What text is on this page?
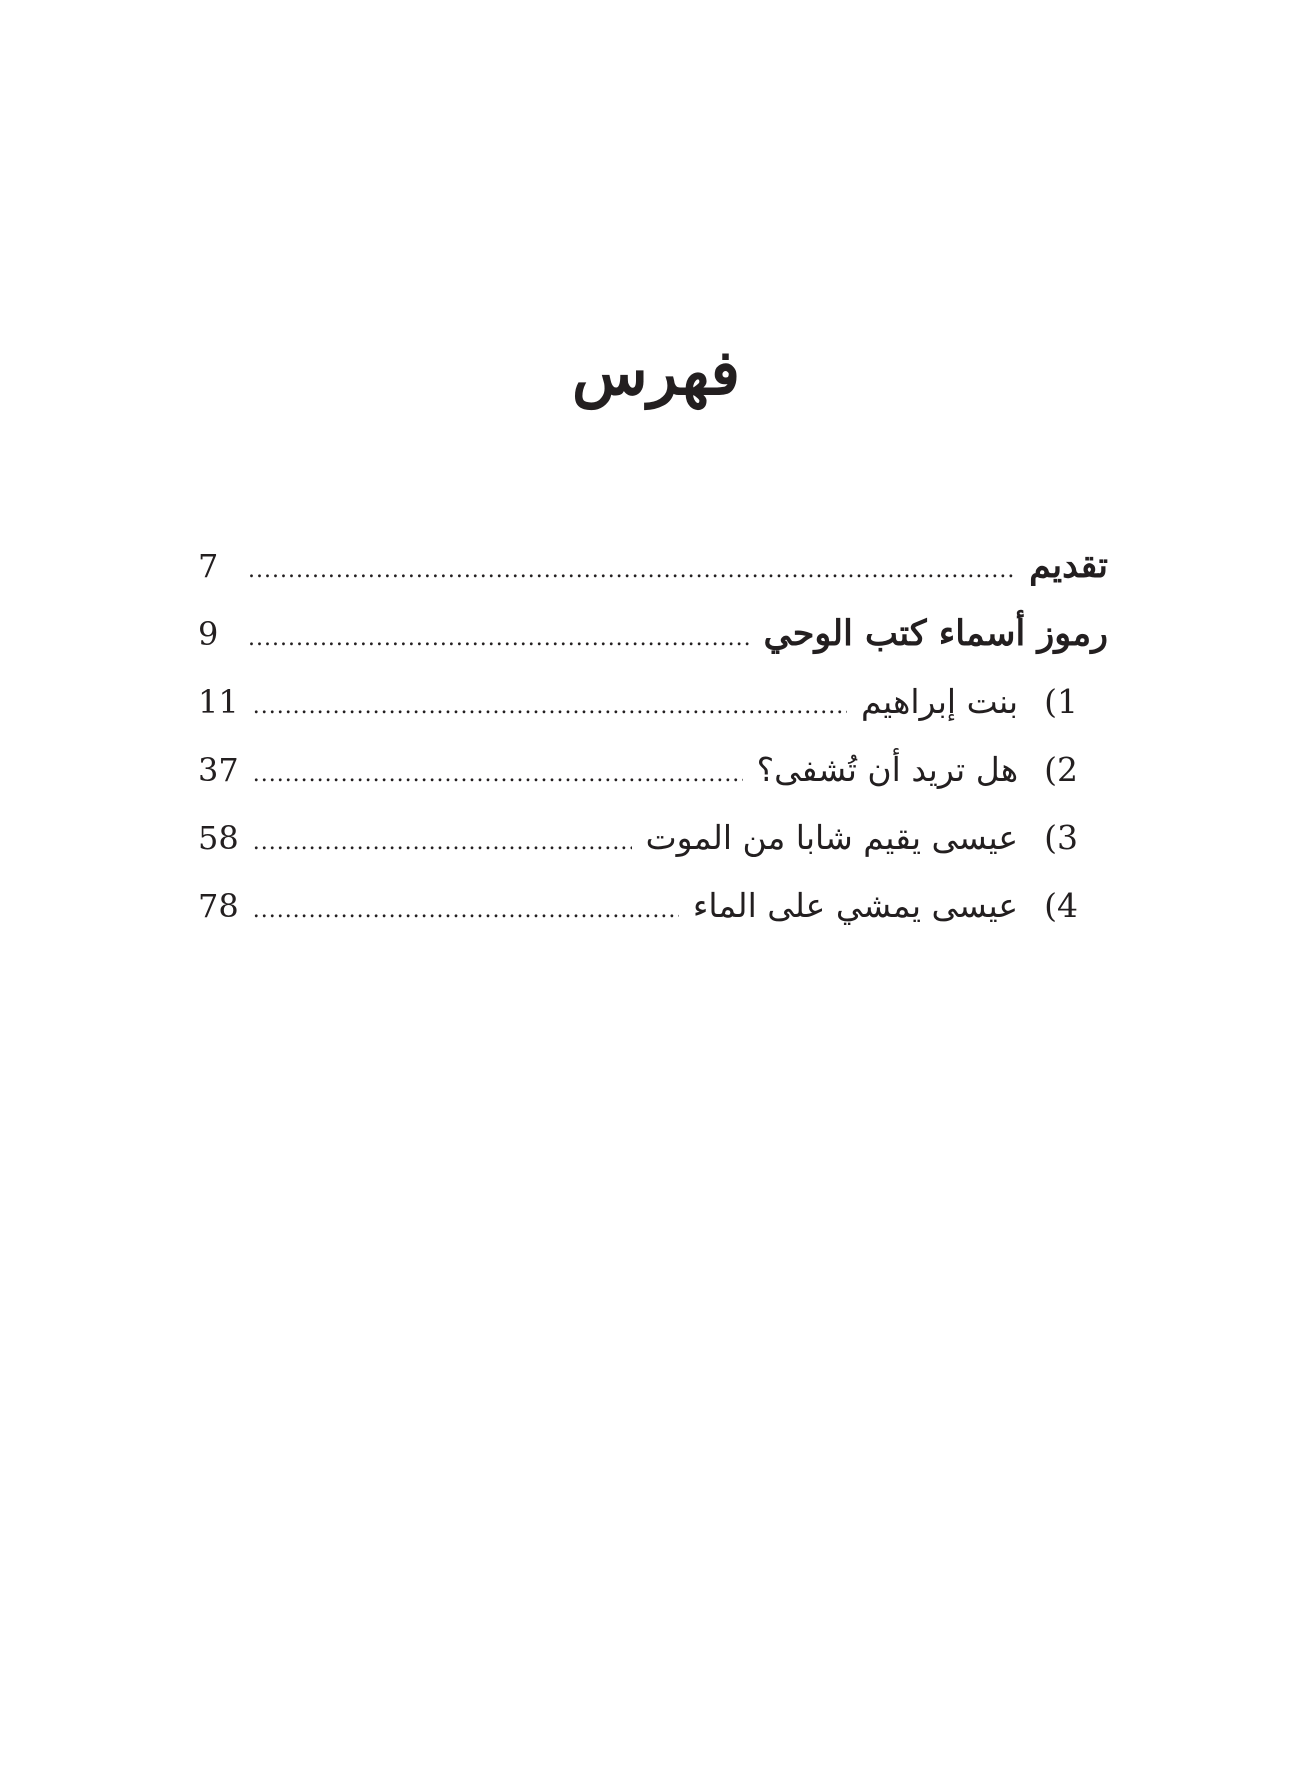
فهرس
تقديم
.....
7
رموز أسماء كتب الوحي
.....
9
1)
بنت إبراهيم
.....
11
2)
هل تريد أن تُشفى؟
.....
37
3)
عيسى يقيم شابا من الموت
.....
58
4)
عيسى يمشي على الماء
.....
78
